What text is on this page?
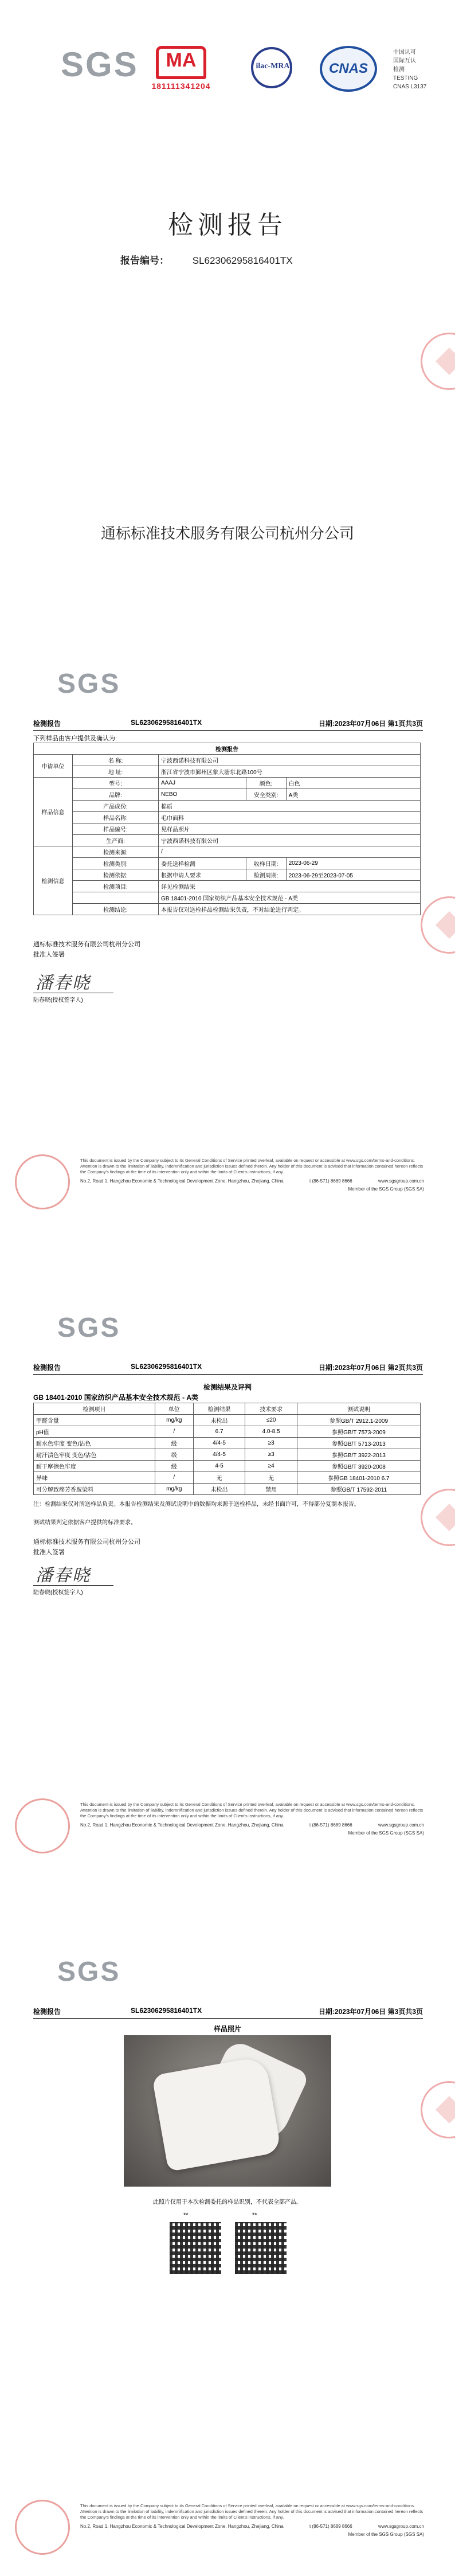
SGS	MA
181111341204
ilac-MRA	CNAS
中国认可
国际互认
检测
TESTING
CNAS L3137
检测报告
报告编号： SL62306295816401TX
通标标准技术服务有限公司杭州分公司
SGS
检测报告	SL62306295816401TX	日期:2023年07月06日 第1页共3页
下列样品由客户提供及确认为:
检测报告				
申请单位	名 称:	宁波西诺科技有限公司		
	地 址:	浙江省宁波市鄞州区象大塘东北路100号		
样品信息	型号:	AAAJ	颜色:	白色
	品牌:	NEBO	安全类别:	A类
	产品成份:	棉质		
	样品名称:	毛巾面料		
	样品编号:	见样品照片		
	生产商:	宁波西诺科技有限公司		
检测信息	检测来源:	/		
	检测类别:	委托送样检测	收样日期:	2023-06-29
	检测依据:	根据申请人要求	检测周期:	2023-06-29至2023-07-05
	检测项目:	详见检测结果		
		GB 18401-2010 国家纺织产品基本安全技术规范 - A类		
	检测结论:	本报告仅对送检样品检测结果负责，不对结论进行判定。		
通标标准技术服务有限公司杭州分公司
批准人签署
潘春晓
陆春晓(授权签字人)
This document is issued by the Company subject to its General Conditions of Service printed overleaf, available on request or accessible at www.sgs.com/terms-and-conditions. Attention is drawn to the limitation of liability, indemnification and jurisdiction issues defined therein. Any holder of this document is advised that information contained hereon reflects the Company's findings at the time of its intervention only and within the limits of Client's instructions, if any.
No.2, Road 1, Hangzhou Economic & Technological Development Zone, Hangzhou, Zhejiang, China	t (86-571) 8689 8666	www.sgsgroup.com.cn
Member of the SGS Group (SGS SA)
SGS
检测报告	SL62306295816401TX	日期:2023年07月06日 第2页共3页
检测结果及评判
GB 18401-2010 国家纺织产品基本安全技术规范 - A类
检测项目	单位	检测结果	技术要求	测试说明
甲醛含量	mg/kg	未检出	≤20	参照GB/T 2912.1-2009
pH值	/	6.7	4.0-8.5	参照GB/T 7573-2009
耐水色牢度 变色/沾色	级	4/4-5	≥3	参照GB/T 5713-2013
耐汗渍色牢度 变色/沾色	级	4/4-5	≥3	参照GB/T 3922-2013
耐干摩擦色牢度	级	4-5	≥4	参照GB/T 3920-2008
异味	/	无	无	参照GB 18401-2010 6.7
可分解致癌芳香胺染料	mg/kg	未检出	禁用	参照GB/T 17592-2011
注：检测结果仅对所送样品负责。本报告检测结果及测试说明中的数据均来源于送检样品，未经书面许可，不得部分复制本报告。
测试结果判定依据客户提供的标准要求。
通标标准技术服务有限公司杭州分公司
批准人签署
潘春晓
陆春晓(授权签字人)
This document is issued by the Company subject to its General Conditions of Service printed overleaf, available on request or accessible at www.sgs.com/terms-and-conditions. Attention is drawn to the limitation of liability, indemnification and jurisdiction issues defined therein. Any holder of this document is advised that information contained hereon reflects the Company's findings at the time of its intervention only and within the limits of Client's instructions, if any.
No.2, Road 1, Hangzhou Economic & Technological Development Zone, Hangzhou, Zhejiang, China	t (86-571) 8689 8666	www.sgsgroup.com.cn
Member of the SGS Group (SGS SA)
SGS
检测报告	SL62306295816401TX	日期:2023年07月06日 第3页共3页
样品照片
此照片仅用于本次检测委托的样品识别，不代表全部产品。
**	**
This document is issued by the Company subject to its General Conditions of Service printed overleaf, available on request or accessible at www.sgs.com/terms-and-conditions. Attention is drawn to the limitation of liability, indemnification and jurisdiction issues defined therein. Any holder of this document is advised that information contained hereon reflects the Company's findings at the time of its intervention only and within the limits of Client's instructions, if any.
No.2, Road 1, Hangzhou Economic & Technological Development Zone, Hangzhou, Zhejiang, China	t (86-571) 8689 8666	www.sgsgroup.com.cn
Member of the SGS Group (SGS SA)
